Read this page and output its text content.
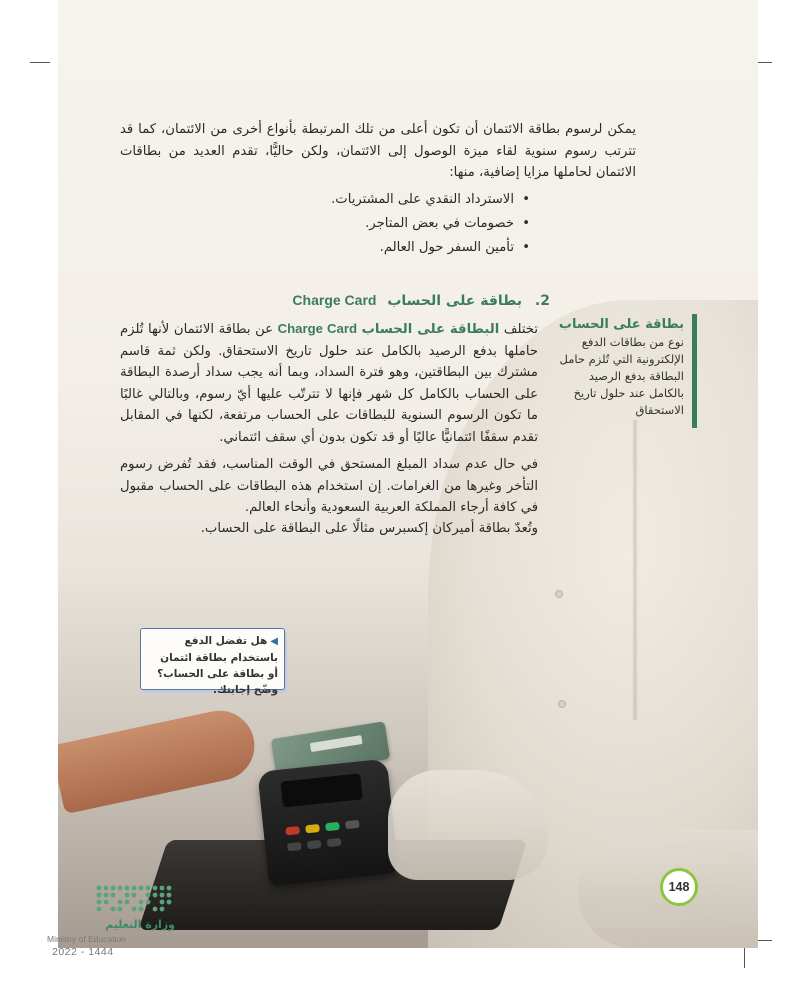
يمكن لرسوم بطاقة الائتمان أن تكون أعلى من تلك المرتبطة بأنواع أخرى من الائتمان، كما قد تترتب رسوم سنوية لقاء ميزة الوصول إلى الائتمان، ولكن حاليًّا، تقدم العديد من بطاقات الائتمان لحاملها مزايا إضافية، منها:
• الاسترداد النقدي على المشتريات.
• خصومات في بعض المتاجر.
• تأمين السفر حول العالم.
2. بطاقة على الحساب Charge Card
تختلف البطاقة على الحساب Charge Card عن بطاقة الائتمان لأنها تُلزم حاملها بدفع الرصيد بالكامل عند حلول تاريخ الاستحقاق. ولكن ثمة قاسم مشترك بين البطاقتين، وهو فترة السداد، وبما أنه يجب سداد أرصدة البطاقة على الحساب بالكامل كل شهر فإنها لا تترتّب عليها أيّ رسوم، وبالتالي غالبًا ما تكون الرسوم السنوية للبطاقات على الحساب مرتفعة، لكنها في المقابل تقدم سقفًا ائتمانيًّا عاليًا أو قد تكون بدون أي سقف ائتماني.
في حال عدم سداد المبلغ المستحق في الوقت المناسب، فقد تُفرض رسوم التأخر وغيرها من الغرامات. إن استخدام هذه البطاقات على الحساب مقبول في كافة أرجاء المملكة العربية السعودية وأنحاء العالم.
وتُعدّ بطاقة أميركان إكسبرس مثالًا على البطاقة على الحساب.
بطاقة على الحساب
نوع من بطاقات الدفع الإلكترونية التي تُلزم حامل البطاقة بدفع الرصيد بالكامل عند حلول تاريخ الاستحقاق
◀هل تفضل الدفع باستخدام بطاقة ائتمان أو بطاقة على الحساب؟ وضّح إجابتك.
148
وزارة التعليم
Ministry of Education
2022 - 1444
